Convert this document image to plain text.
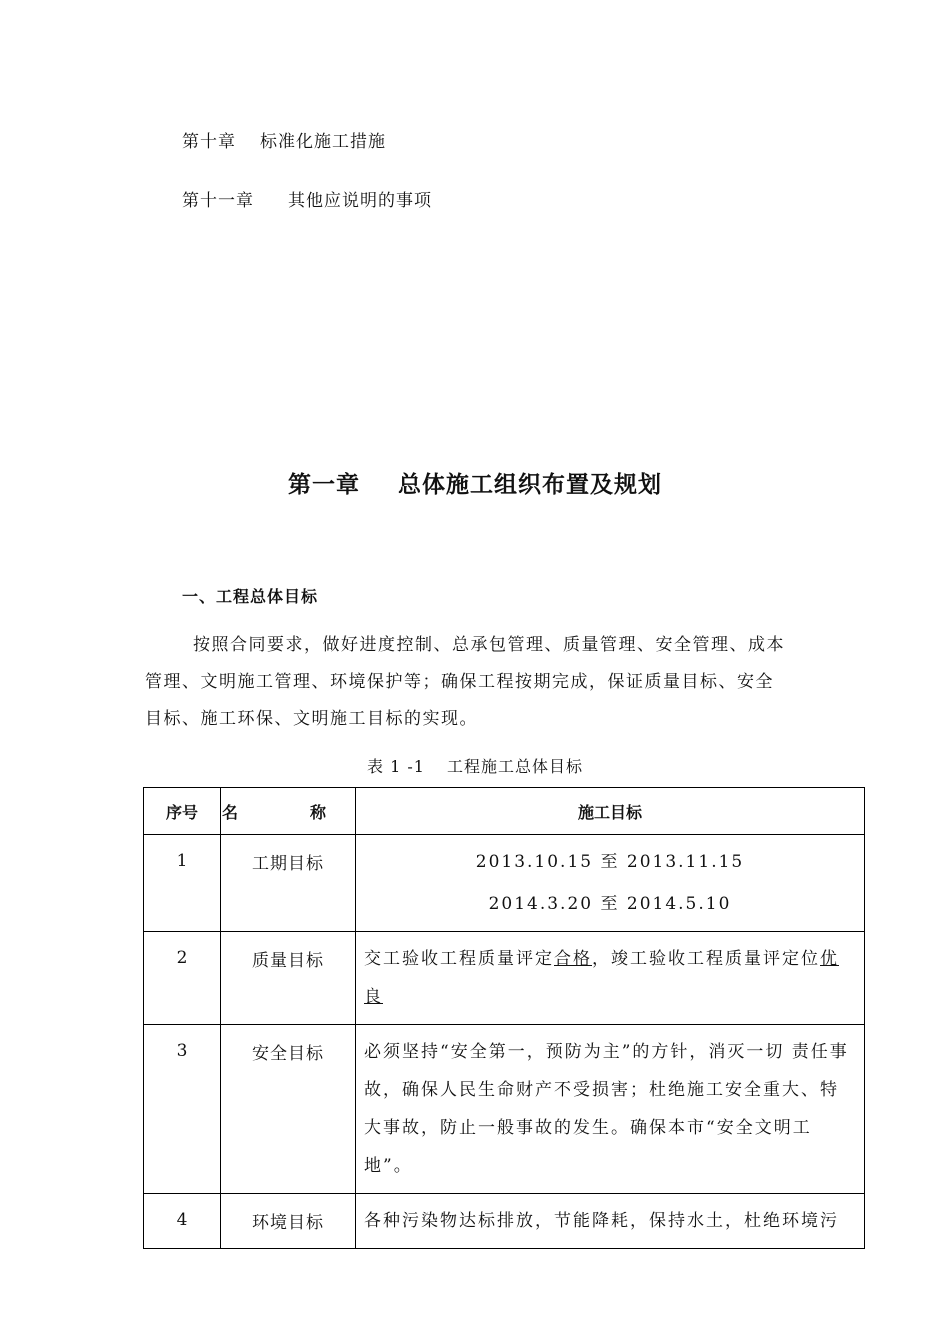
第十章 标准化施工措施
第十一章 其他应说明的事项
第一章 总体施工组织布置及规划
一、工程总体目标
按照合同要求，做好进度控制、总承包管理、质量管理、安全管理、成本
管理、文明施工管理、环境保护等；确保工程按期完成，保证质量目标、安全
目标、施工环保、文明施工目标的实现。
表 1 -1 工程施工总体目标
序号	名　称	施工目标
1	工期目标	2013.10.15 至 2013.11.15
2014.3.20 至 2014.5.10

2	质量目标	交工验收工程质量评定合格，竣工验收工程质量评定位优良
3	安全目标	必须坚持“安全第一，预防为主”的方针，消灭一切 责任事故，确保人民生命财产不受损害；杜绝施工安全重大、特大事故，防止一般事故的发生。确保本市“安全文明工地”。
4	环境目标	各种污染物达标排放，节能降耗，保持水土，杜绝环境污
